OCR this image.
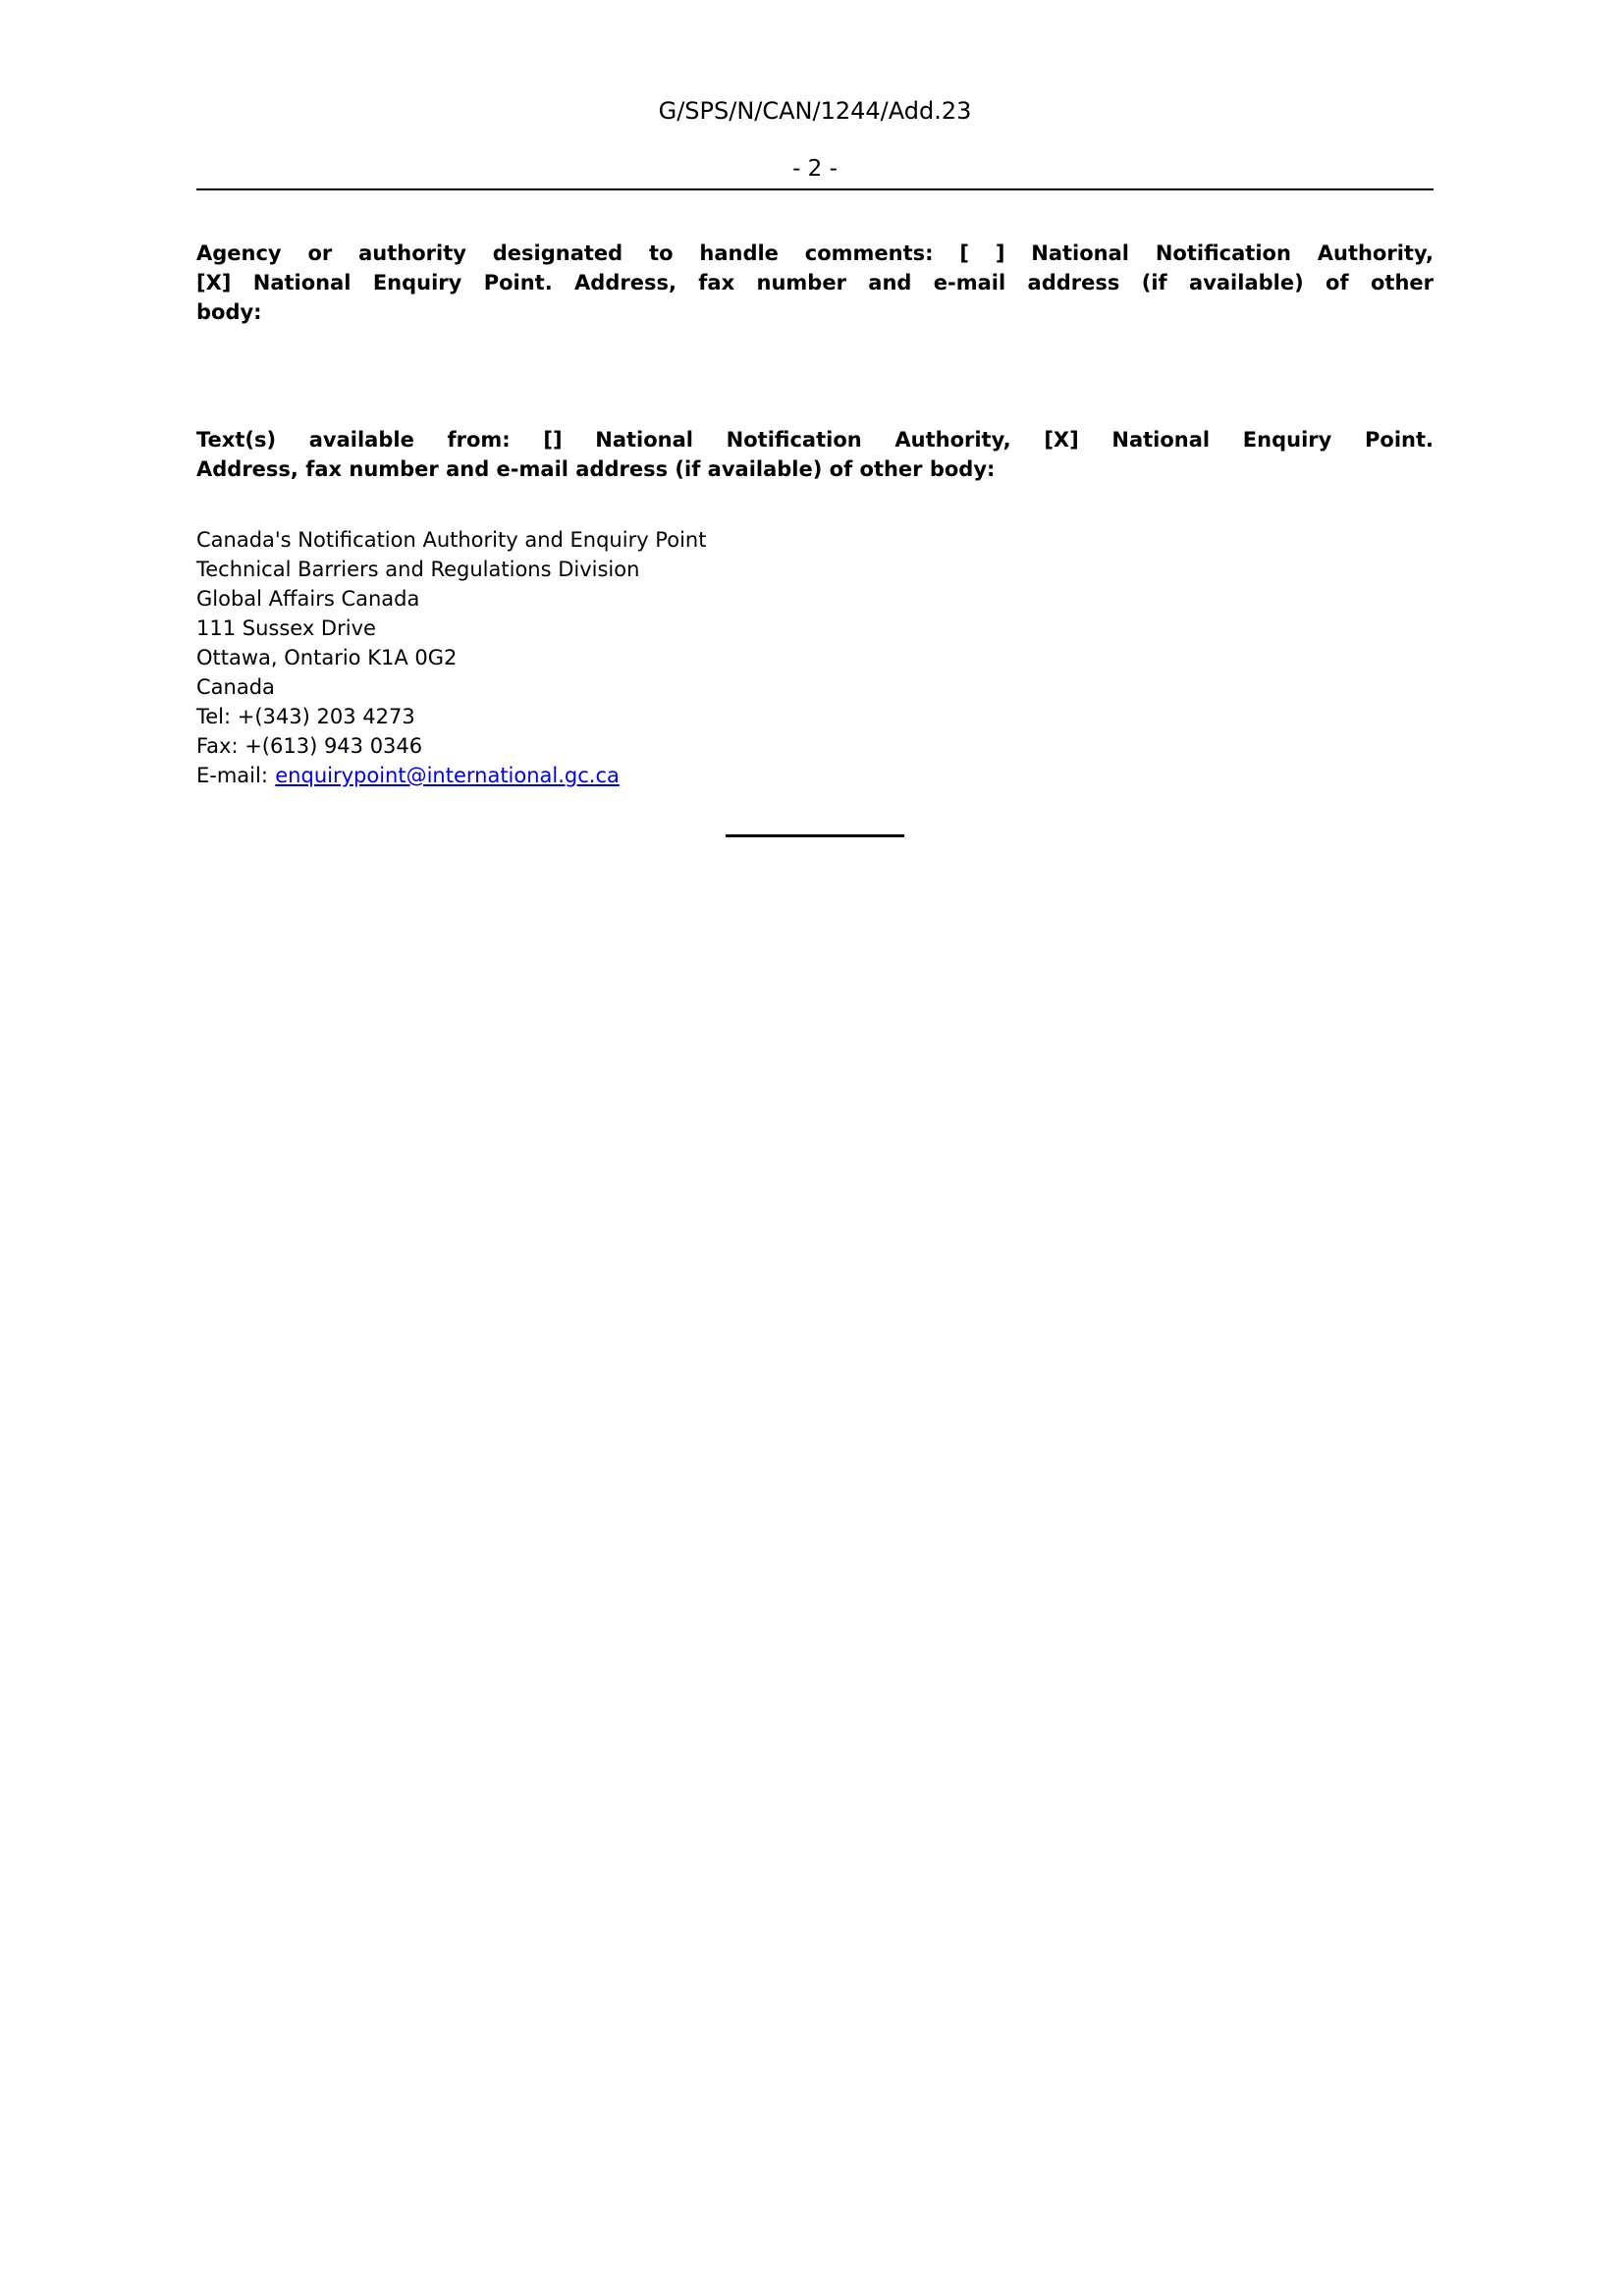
G/SPS/N/CAN/1244/Add.23
- 2 -
Agency or authority designated to handle comments: [ ] National Notification Authority,
[X] National Enquiry Point. Address, fax number and e-mail address (if available) of other
body:
Text(s) available from: [] National Notification Authority, [X] National Enquiry Point.
Address, fax number and e-mail address (if available) of other body:
Canada's Notification Authority and Enquiry Point
Technical Barriers and Regulations Division
Global Affairs Canada
111 Sussex Drive
Ottawa, Ontario K1A 0G2
Canada
Tel: +(343) 203 4273
Fax: +(613) 943 0346
E-mail: enquirypoint@international.gc.ca
